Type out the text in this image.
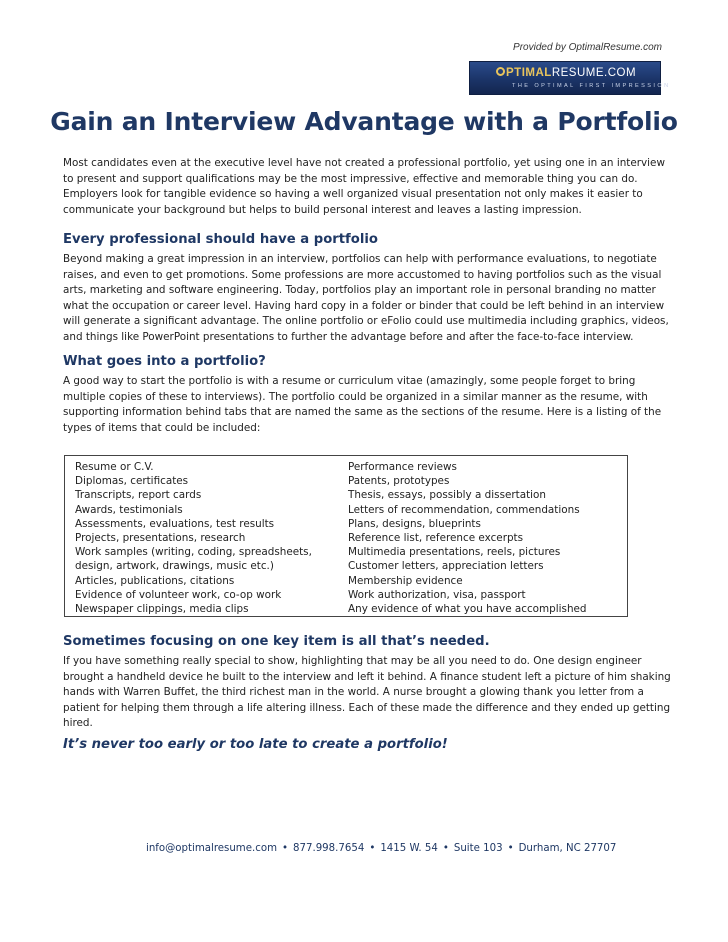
Provided by OptimalResume.com
PTIMALRESUME.COM
THE OPTIMAL FIRST IMPRESSION
Gain an Interview Advantage with a Portfolio

Most candidates even at the executive level have not created a professional portfolio, yet using one in an interview to present and support qualifications may be the most impressive, effective and memorable thing you can do. Employers look for tangible evidence so having a well organized visual presentation not only makes it easier to communicate your background but helps to build personal interest and leaves a lasting impression.

Every professional should have a portfolio

Beyond making a great impression in an interview, portfolios can help with performance evaluations, to negotiate raises, and even to get promotions. Some professions are more accustomed to having portfolios such as the visual arts, marketing and software engineering. Today, portfolios play an important role in personal branding no matter what the occupation or career level. Having hard copy in a folder or binder that could be left behind in an interview will generate a significant advantage. The online portfolio or eFolio could use multimedia including graphics, videos, and things like PowerPoint presentations to further the advantage before and after the face-to-face interview.

What goes into a portfolio?

A good way to start the portfolio is with a resume or curriculum vitae (amazingly, some people forget to bring multiple copies of these to interviews). The portfolio could be organized in a similar manner as the resume, with supporting information behind tabs that are named the same as the sections of the resume. Here is a listing of the types of items that could be included:

Resume or C.V.
Diplomas, certificates
Transcripts, report cards
Awards, testimonials
Assessments, evaluations, test results
Projects, presentations, research
Work samples (writing, coding, spreadsheets,
design, artwork, drawings, music etc.)
Articles, publications, citations
Evidence of volunteer work, co-op work
Newspaper clippings, media clips
Performance reviews
Patents, prototypes
Thesis, essays, possibly a dissertation
Letters of recommendation, commendations
Plans, designs, blueprints
Reference list, reference excerpts
Multimedia presentations, reels, pictures
Customer letters, appreciation letters
Membership evidence
Work authorization, visa, passport
Any evidence of what you have accomplished
Sometimes focusing on one key item is all that’s needed.

If you have something really special to show, highlighting that may be all you need to do. One design engineer brought a handheld device he built to the interview and left it behind. A finance student left a picture of him shaking hands with Warren Buffet, the third richest man in the world. A nurse brought a glowing thank you letter from a patient for helping them through a life altering illness. Each of these made the difference and they ended up getting hired.

It’s never too early or too late to create a portfolio!

info@optimalresume.com • 877.998.7654 • 1415 W. 54 • Suite 103 • Durham, NC 27707
